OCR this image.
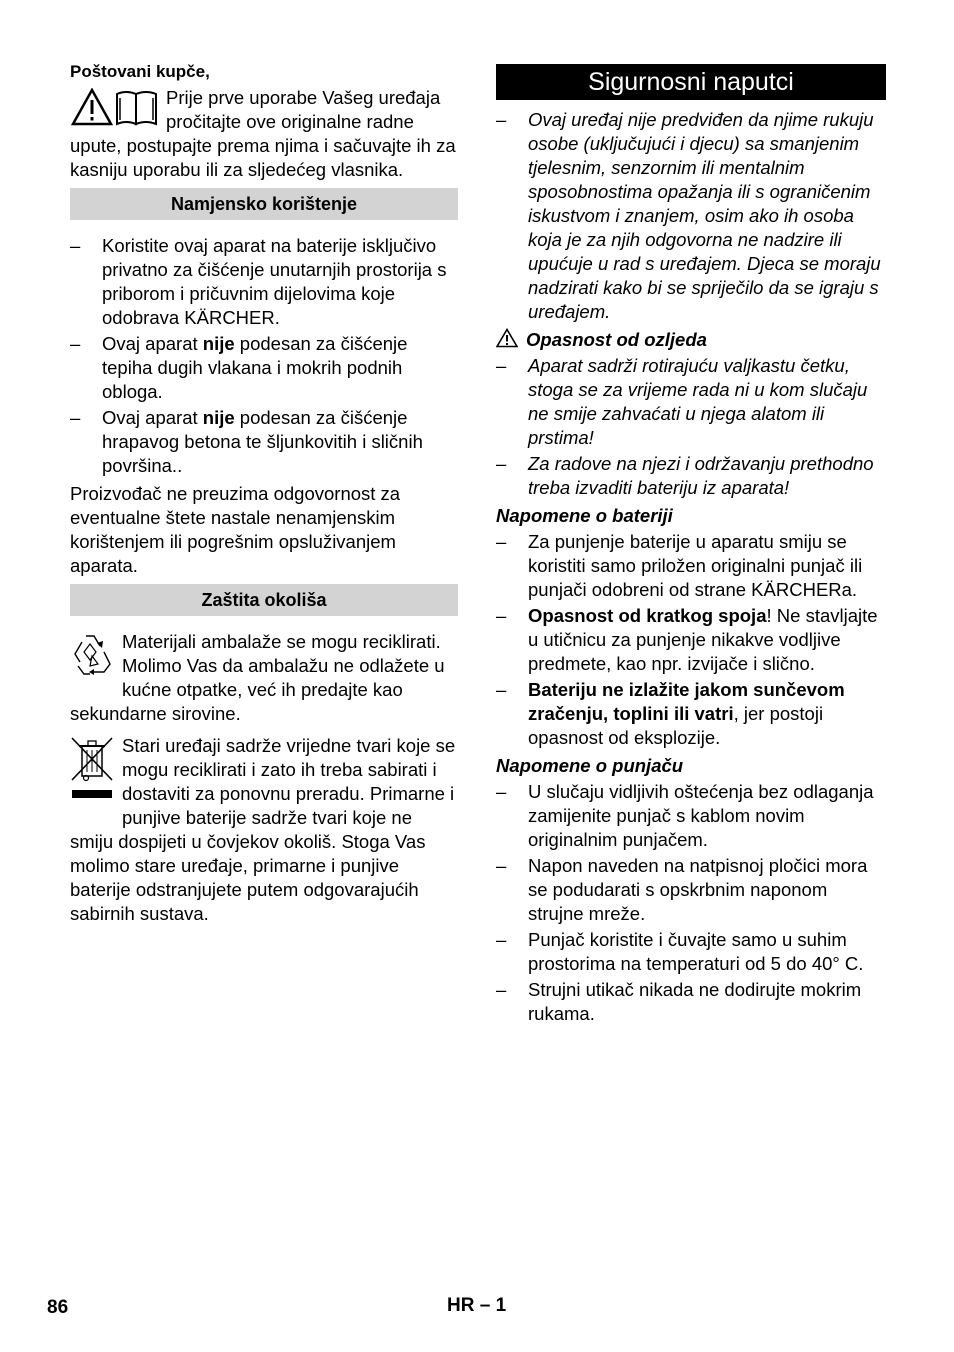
Poštovani kupče,

Prije prve uporabe Vašeg uređaja pročitajte ove originalne radne upute, postupajte prema njima i sačuvajte ih za kasniju uporabu ili za sljedećeg vlasnika.

Namjensko korištenje
– Koristite ovaj aparat na baterije isključivo privatno za čišćenje unutarnjih prostorija s priborom i pričuvnim dijelovima koje odobrava KÄRCHER.
– Ovaj aparat nije podesan za čišćenje tepiha dugih vlakana i mokrih podnih obloga.
– Ovaj aparat nije podesan za čišćenje hrapavog betona te šljunkovitih i sličnih površina..

Proizvođač ne preuzima odgovornost za eventualne štete nastale nenamjenskim korištenjem ili pogrešnim opsluživanjem aparata.

Zaštita okoliša

Materijali ambalaže se mogu reciklirati. Molimo Vas da ambalažu ne odlažete u kućne otpatke, već ih predajte kao sekundarne sirovine.

Stari uređaji sadrže vrijedne tvari koje se mogu reciklirati i zato ih treba sabirati i dostaviti za ponovnu preradu. Primarne i punjive baterije sadrže tvari koje ne smiju dospijeti u čovjekov okoliš. Stoga Vas molimo stare uređaje, primarne i punjive baterije odstranjujete putem odgovarajućih sabirnih sustava.

Sigurnosni naputci
– Ovaj uređaj nije predviđen da njime rukuju osobe (uključujući i djecu) sa smanjenim tjelesnim, senzornim ili mentalnim sposobnostima opažanja ili s ograničenim iskustvom i znanjem, osim ako ih osoba koja je za njih odgovorna ne nadzire ili upućuje u rad s uređajem. Djeca se moraju nadzirati kako bi se spriječilo da se igraju s uređajem.

Opasnost od ozljeda

– Aparat sadrži rotirajuću valjkastu četku, stoga se za vrijeme rada ni u kom slučaju ne smije zahvaćati u njega alatom ili prstima!
– Za radove na njezi i održavanju prethodno treba izvaditi bateriju iz aparata!

Napomene o bateriji

– Za punjenje baterije u aparatu smiju se koristiti samo priložen originalni punjač ili punjači odobreni od strane KÄRCHERa.
– Opasnost od kratkog spoja! Ne stavljajte u utičnicu za punjenje nikakve vodljive predmete, kao npr. izvijače i slično.
– Bateriju ne izlažite jakom sunčevom zračenju, toplini ili vatri, jer postoji opasnost od eksplozije.

Napomene o punjaču

– U slučaju vidljivih oštećenja bez odlaganja zamijenite punjač s kablom novim originalnim punjačem.
– Napon naveden na natpisnoj pločici mora se podudarati s opskrbnim naponom strujne mreže.
– Punjač koristite i čuvajte samo u suhim prostorima na temperaturi od 5 do 40° C.
– Strujni utikač nikada ne dodirujte mokrim rukama.
86	HR – 1
